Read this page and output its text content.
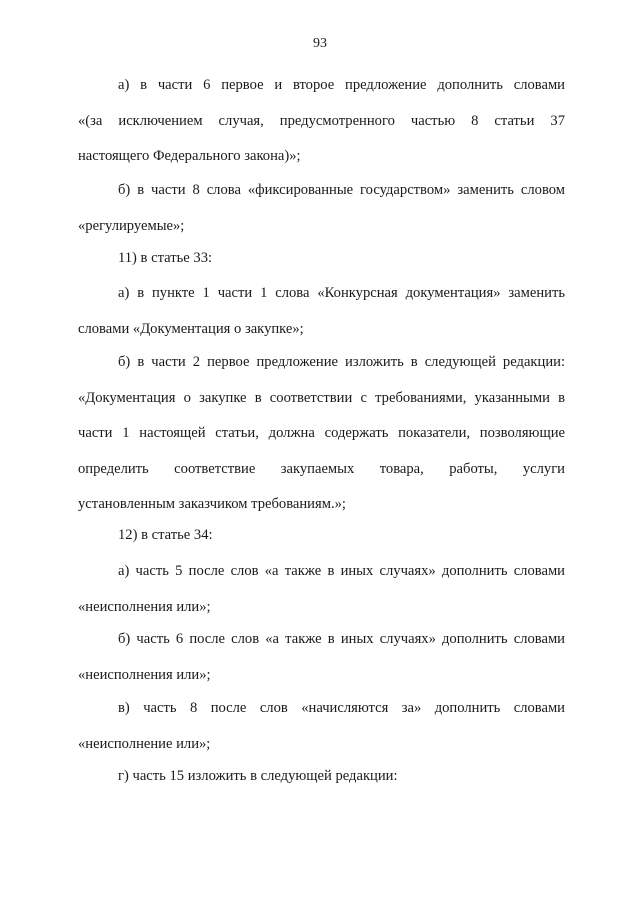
93
а) в части 6 первое и второе предложение дополнить словами
«(за исключением случая, предусмотренного частью 8 статьи 37
настоящего Федерального закона)»;
б) в части 8 слова «фиксированные государством» заменить словом
«регулируемые»;
11) в статье 33:
а) в пункте 1 части 1 слова «Конкурсная документация» заменить
словами «Документация о закупке»;
б) в части 2 первое предложение изложить в следующей редакции:
«Документация о закупке в соответствии с требованиями, указанными в
части 1 настоящей статьи, должна содержать показатели, позволяющие
определить соответствие закупаемых товара, работы, услуги
установленным заказчиком требованиям.»;
12) в статье 34:
а) часть 5 после слов «а также в иных случаях» дополнить словами
«неисполнения или»;
б) часть 6 после слов «а также в иных случаях» дополнить словами
«неисполнения или»;
в) часть 8 после слов «начисляются за» дополнить словами
«неисполнение или»;
г) часть 15 изложить в следующей редакции:
